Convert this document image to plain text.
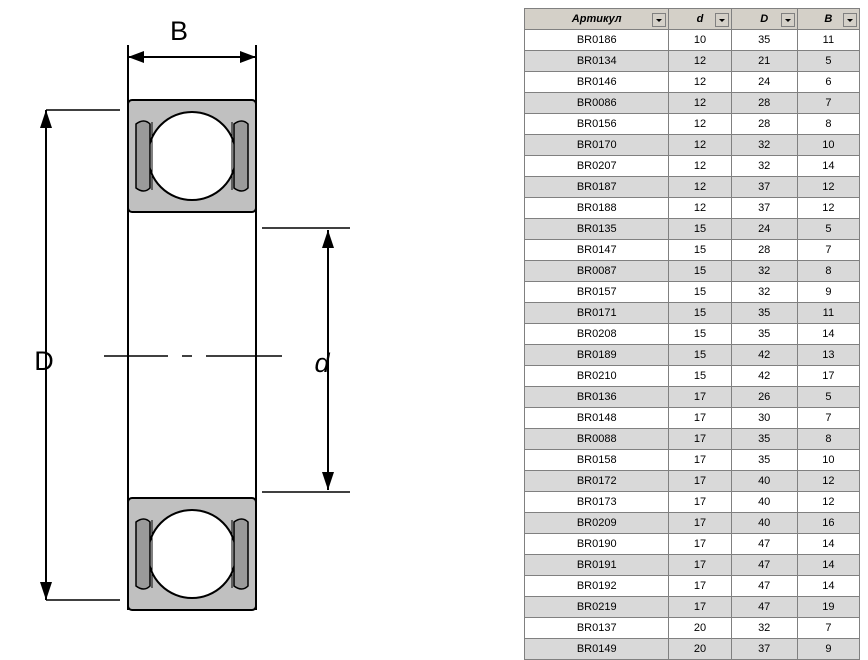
B
D	d
Артикул	d	D	B

BR0186	10	35	11
BR0134	12	21	5
BR0146	12	24	6
BR0086	12	28	7
BR0156	12	28	8
BR0170	12	32	10
BR0207	12	32	14
BR0187	12	37	12
BR0188	12	37	12
BR0135	15	24	5
BR0147	15	28	7
BR0087	15	32	8
BR0157	15	32	9
BR0171	15	35	11
BR0208	15	35	14
BR0189	15	42	13
BR0210	15	42	17
BR0136	17	26	5
BR0148	17	30	7
BR0088	17	35	8
BR0158	17	35	10
BR0172	17	40	12
BR0173	17	40	12
BR0209	17	40	16
BR0190	17	47	14
BR0191	17	47	14
BR0192	17	47	14
BR0219	17	47	19
BR0137	20	32	7
BR0149	20	37	9
